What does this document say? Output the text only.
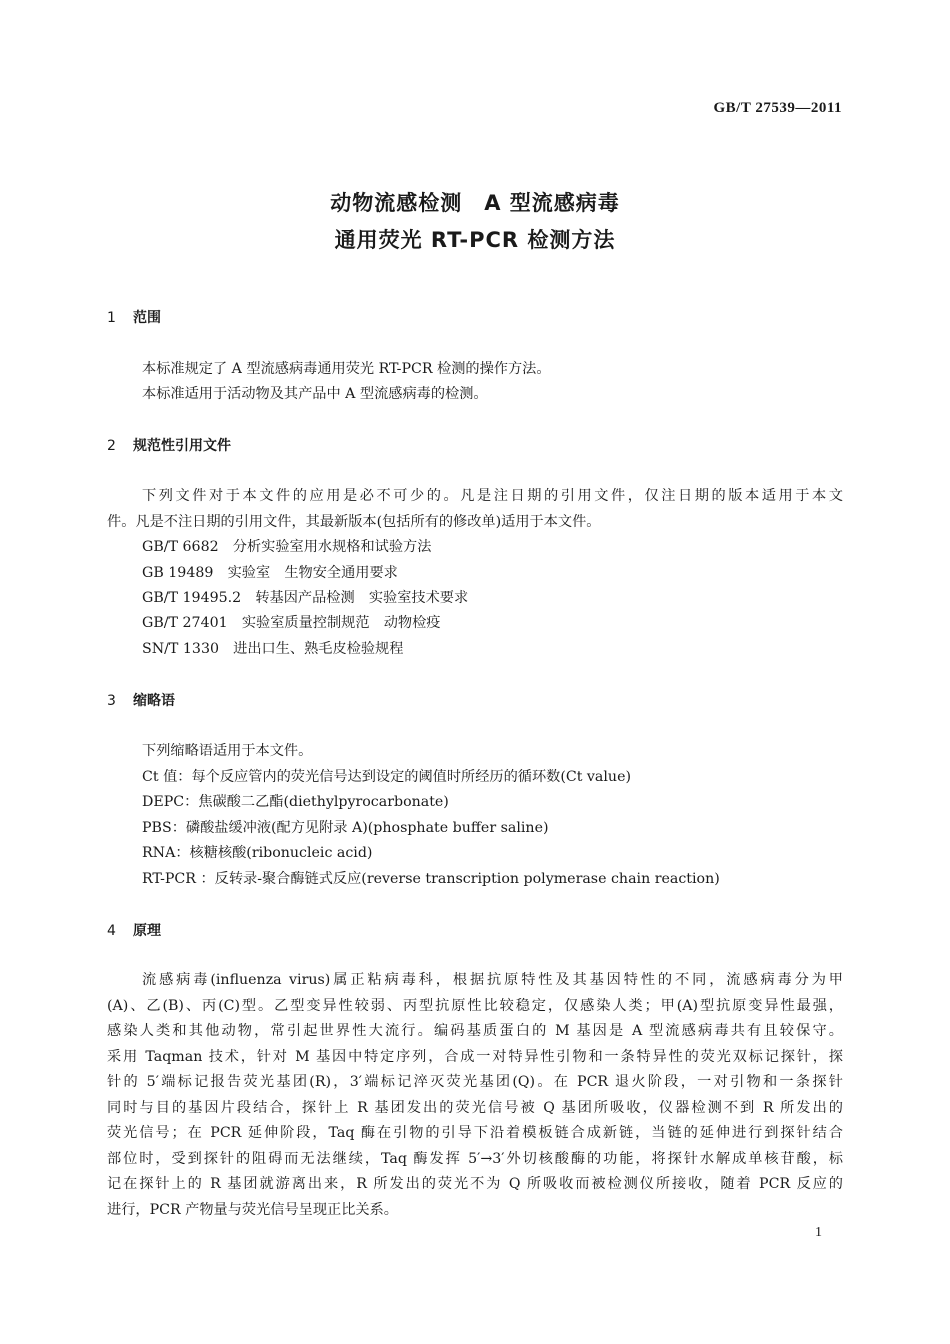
GB/T 27539—2011
动物流感检测　A 型流感病毒
通用荧光 RT-PCR 检测方法
1 范围
本标准规定了 A 型流感病毒通用荧光 RT-PCR 检测的操作方法。
本标准适用于活动物及其产品中 A 型流感病毒的检测。
2 规范性引用文件
下列文件对于本文件的应用是必不可少的。凡是注日期的引用文件，仅注日期的版本适用于本文
件。凡是不注日期的引用文件，其最新版本(包括所有的修改单)适用于本文件。
GB/T 6682　分析实验室用水规格和试验方法
GB 19489　实验室　生物安全通用要求
GB/T 19495.2　转基因产品检测　实验室技术要求
GB/T 27401　实验室质量控制规范　动物检疫
SN/T 1330　进出口生、熟毛皮检验规程
3 缩略语
下列缩略语适用于本文件。
Ct 值：每个反应管内的荧光信号达到设定的阈值时所经历的循环数(Ct value)
DEPC：焦碳酸二乙酯(diethylpyrocarbonate)
PBS：磷酸盐缓冲液(配方见附录 A)(phosphate buffer saline)
RNA：核糖核酸(ribonucleic acid)
RT-PCR ：反转录-聚合酶链式反应(reverse transcription polymerase chain reaction)
4 原理
流感病毒(influenza virus)属正粘病毒科，根据抗原特性及其基因特性的不同，流感病毒分为甲
(A)、乙(B)、丙(C)型。乙型变异性较弱、丙型抗原性比较稳定，仅感染人类；甲(A)型抗原变异性最强，
感染人类和其他动物，常引起世界性大流行。编码基质蛋白的 M 基因是 A 型流感病毒共有且较保守。
采用 Taqman 技术，针对 M 基因中特定序列，合成一对特异性引物和一条特异性的荧光双标记探针，探
针的 5′端标记报告荧光基团(R)，3′端标记淬灭荧光基团(Q)。在 PCR 退火阶段，一对引物和一条探针
同时与目的基因片段结合，探针上 R 基团发出的荧光信号被 Q 基团所吸收，仪器检测不到 R 所发出的
荧光信号；在 PCR 延伸阶段，Taq 酶在引物的引导下沿着模板链合成新链，当链的延伸进行到探针结合
部位时，受到探针的阻碍而无法继续，Taq 酶发挥 5′→3′外切核酸酶的功能，将探针水解成单核苷酸，标
记在探针上的 R 基团就游离出来，R 所发出的荧光不为 Q 所吸收而被检测仪所接收，随着 PCR 反应的
进行，PCR 产物量与荧光信号呈现正比关系。
1
